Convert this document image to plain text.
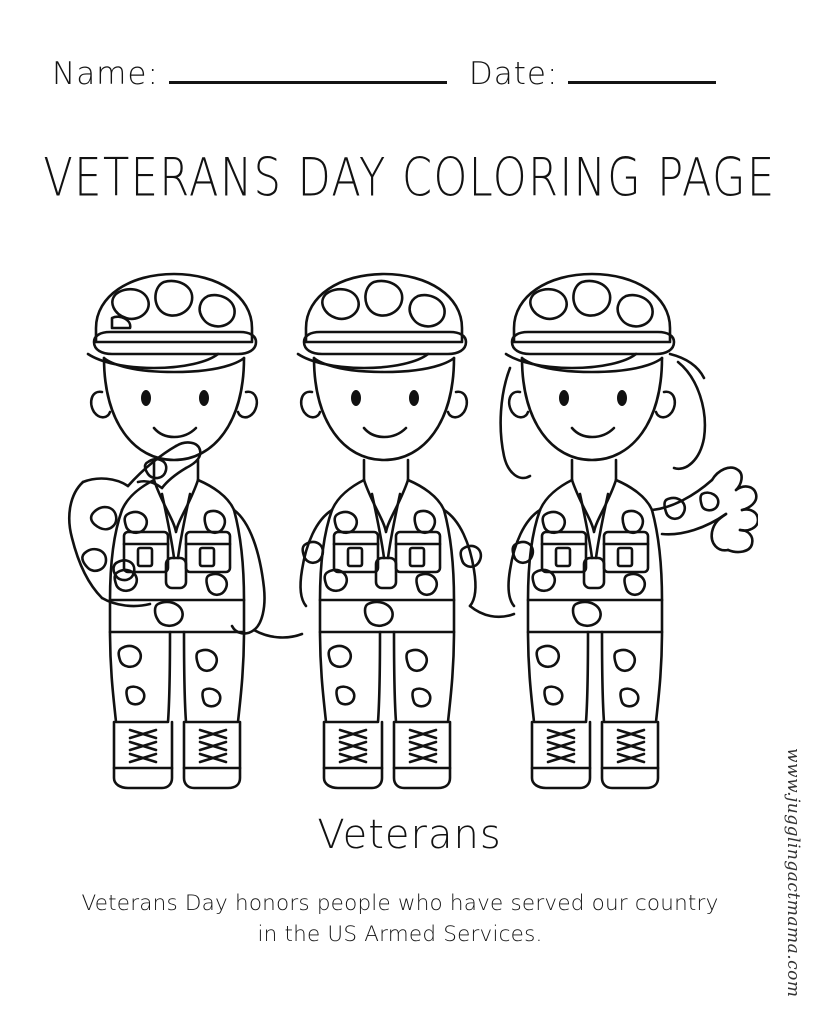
Name:	Date:
VETERANS DAY COLORING PAGE
Veterans
Veterans Day honors people who have served our country in the US Armed Services.	www.jugglingactmama.com
